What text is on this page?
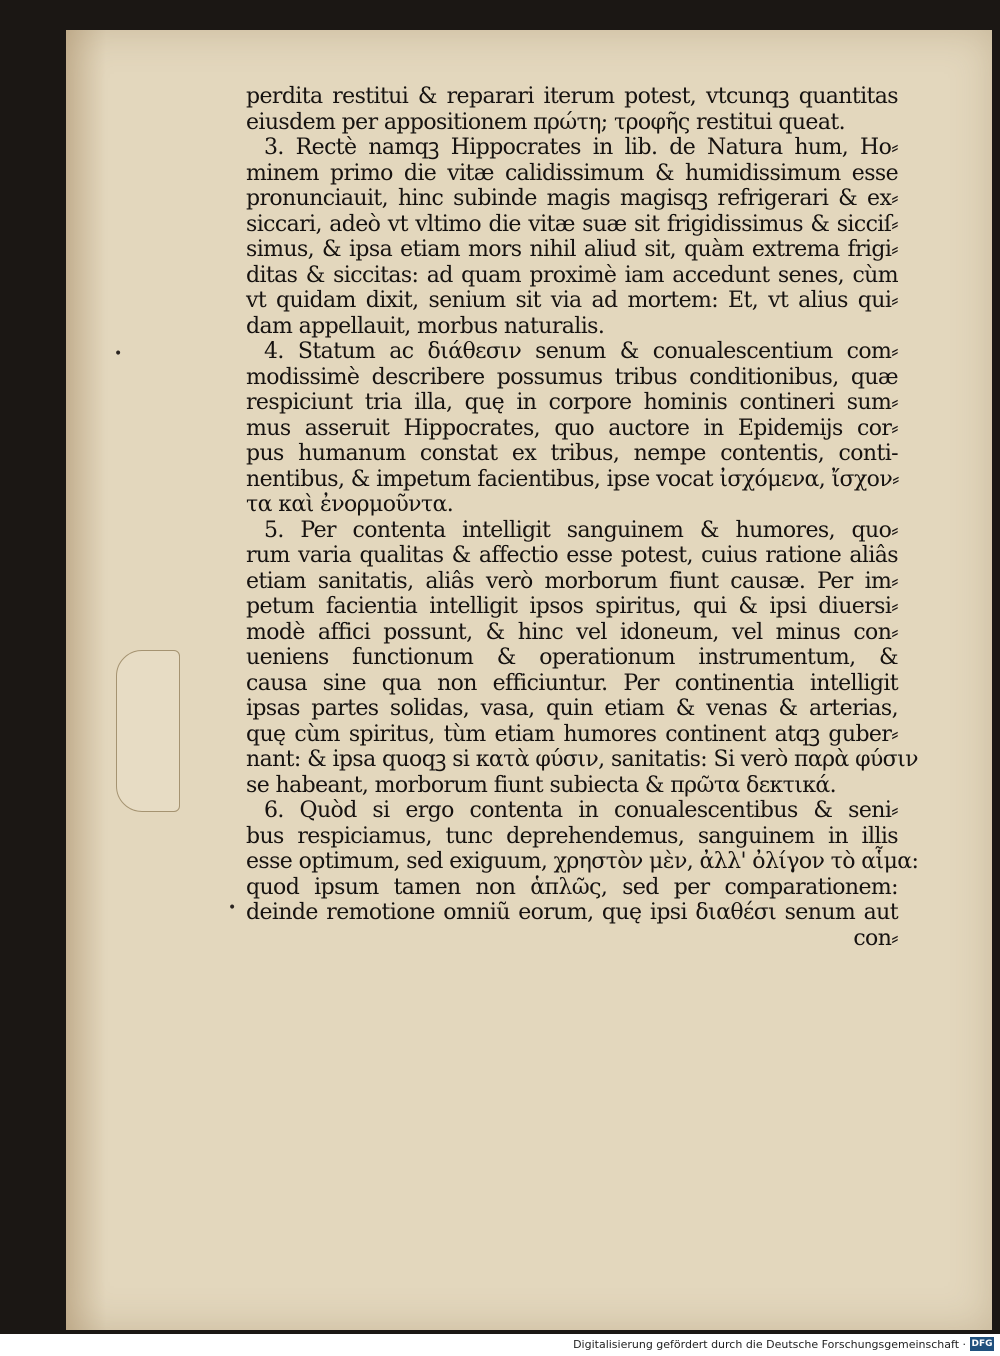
•
•
perdita restitui & reparari iterum potest, vtcunqꝫ quantitas
eiusdem per appositionem πρώτη; τροφῆς restitui queat.
3. Rectè namqꝫ Hippocrates in lib. de Natura hum, Ho⸗
minem primo die vitæ calidissimum & humidissimum esse
pronunciauit, hinc subinde magis magisqꝫ refrigerari & ex⸗
siccari, adeò vt vltimo die vitæ suæ sit frigidissimus & sicciſ⸗
simus, & ipsa etiam mors nihil aliud sit, quàm extrema frigi⸗
ditas & siccitas: ad quam proximè iam accedunt senes, cùm
vt quidam dixit, senium sit via ad mortem: Et, vt alius qui⸗
dam appellauit, morbus naturalis.
4. Statum ac διάθεσιν senum & conualescentium com⸗
modissimè describere possumus tribus conditionibus, quæ
respiciunt tria illa, quę in corpore hominis contineri sum⸗
mus asseruit Hippocrates, quo auctore in Epidemijs cor⸗
pus humanum constat ex tribus, nempe contentis, conti-
nentibus, & impetum facientibus, ipse vocat ἰσχόμενα, ἴσχον⸗
τα καὶ ἐνορμοῦντα.
5. Per contenta intelligit sanguinem & humores, quo⸗
rum varia qualitas & affectio esse potest, cuius ratione aliâs
etiam sanitatis, aliâs verò morborum fiunt causæ. Per im⸗
petum facientia intelligit ipsos spiritus, qui & ipsi diuersi⸗
modè affici possunt, & hinc vel idoneum, vel minus con⸗
ueniens functionum & operationum instrumentum, &
causa sine qua non efficiuntur. Per continentia intelligit
ipsas partes solidas, vasa, quin etiam & venas & arterias,
quę cùm spiritus, tùm etiam humores continent atqꝫ guber⸗
nant: & ipsa quoqꝫ si κατὰ φύσιν, sanitatis: Si verò παρὰ φύσιν
se habeant, morborum fiunt subiecta & πρῶτα δεκτικά.
6. Quòd si ergo contenta in conualescentibus & seni⸗
bus respiciamus, tunc deprehendemus, sanguinem in illis
esse optimum, sed exiguum, χρηστὸν μὲν, ἀλλ' ὀλίγον τὸ αἷμα:
quod ipsum tamen non ἁπλῶς, sed per comparationem:
deinde remotione omniũ eorum, quę ipsi διαθέσι senum aut
con⸗
Digitalisierung gefördert durch die Deutsche Forschungsgemeinschaft · DFG
